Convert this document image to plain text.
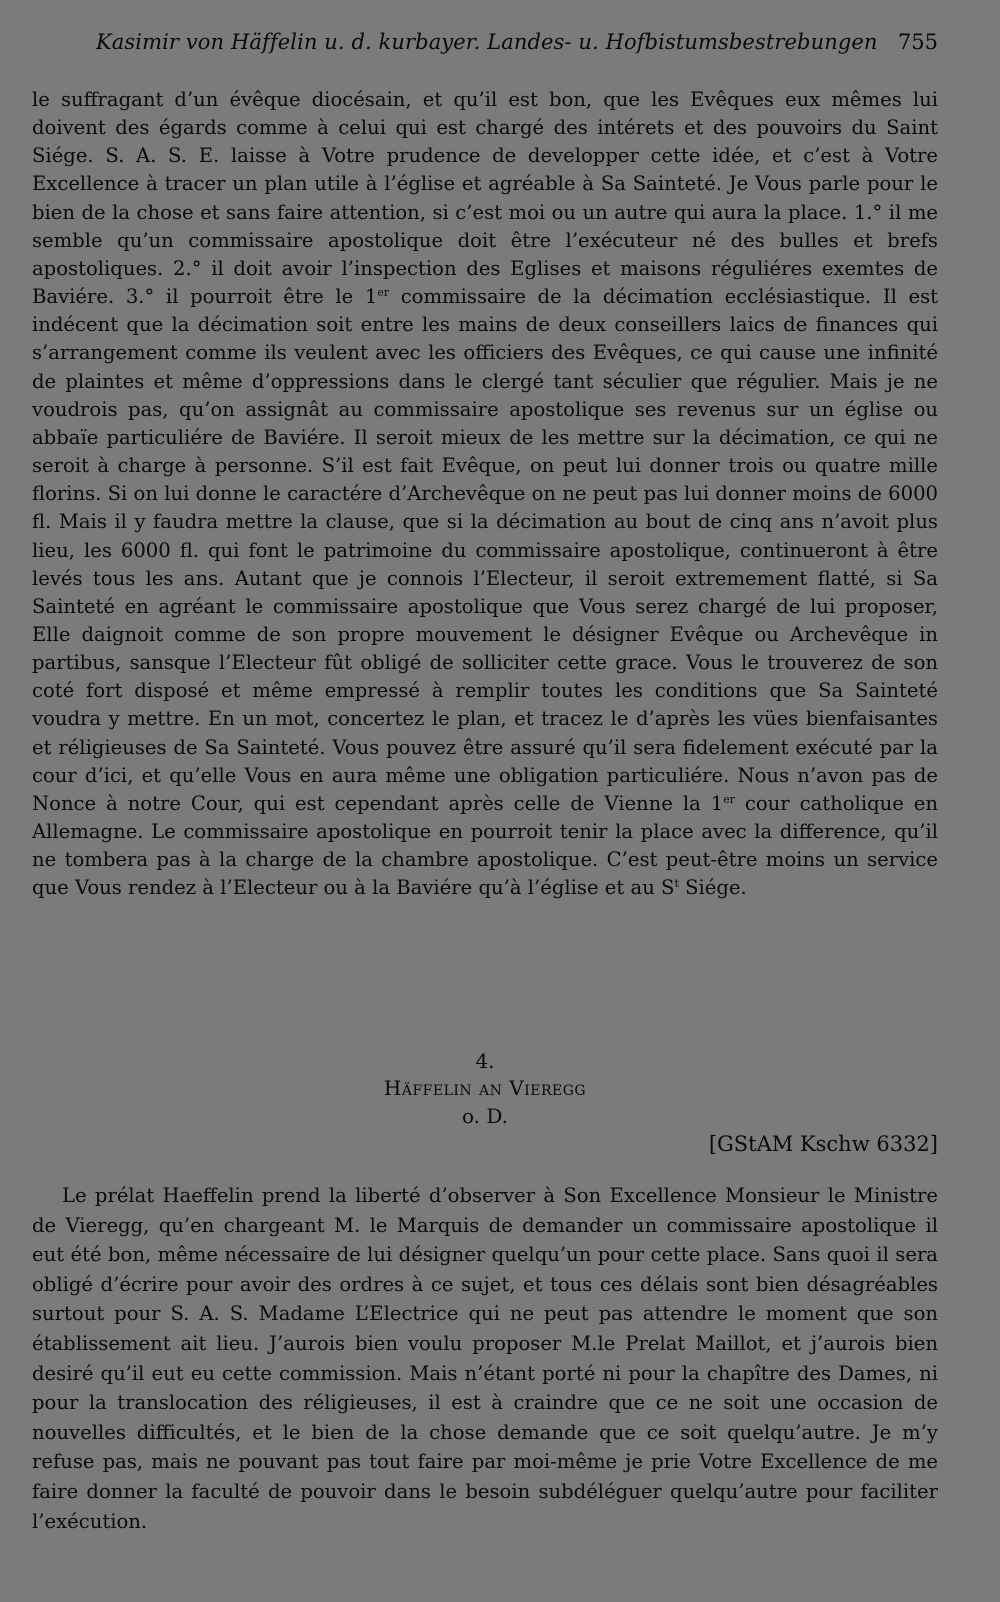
Kasimir von Häffelin u. d. kurbayer. Landes- u. Hofbistumsbestrebungen 755

le suffragant d’un évêque diocésain, et qu’il est bon, que les Evêques eux mêmes lui doivent des égards comme à celui qui est chargé des intérets et des pouvoirs du Saint Siége. S. A. S. E. laisse à Votre prudence de developper cette idée, et c’est à Votre Excellence à tracer un plan utile à l’église et agréable à Sa Sainteté. Je Vous parle pour le bien de la chose et sans faire attention, si c’est moi ou un autre qui aura la place. 1.° il me semble qu’un commissaire apostolique doit être l’exécuteur né des bulles et brefs apostoliques. 2.° il doit avoir l’inspection des Eglises et maisons réguliéres exemtes de Baviére. 3.° il pourroit être le 1er commissaire de la décimation ecclésiastique. Il est indécent que la décimation soit entre les mains de deux conseillers laics de finances qui s’arrangement comme ils veulent avec les officiers des Evêques, ce qui cause une infinité de plaintes et même d’oppressions dans le clergé tant séculier que régulier. Mais je ne voudrois pas, qu’on assignât au commissaire apostolique ses revenus sur un église ou abbaïe particuliére de Baviére. Il seroit mieux de les mettre sur la décimation, ce qui ne seroit à charge à personne. S’il est fait Evêque, on peut lui donner trois ou quatre mille florins. Si on lui donne le caractére d’Archevêque on ne peut pas lui donner moins de 6000 fl. Mais il y faudra mettre la clause, que si la décimation au bout de cinq ans n’avoit plus lieu, les 6000 fl. qui font le patrimoine du commissaire apostolique, continueront à être levés tous les ans. Autant que je connois l’Electeur, il seroit extremement flatté, si Sa Sainteté en agréant le commissaire apostolique que Vous serez chargé de lui proposer, Elle daignoit comme de son propre mouvement le désigner Evêque ou Archevêque in partibus, sansque l’Electeur fût obligé de solliciter cette grace. Vous le trouverez de son coté fort disposé et même empressé à remplir toutes les conditions que Sa Sainteté voudra y mettre. En un mot, concertez le plan, et tracez le d’après les vües bienfaisantes et réligieuses de Sa Sainteté. Vous pouvez être assuré qu’il sera fidelement exécuté par la cour d’ici, et qu’elle Vous en aura même une obligation particuliére. Nous n’avon pas de Nonce à notre Cour, qui est cependant après celle de Vienne la 1er cour catholique en Allemagne. Le commissaire apostolique en pourroit tenir la place avec la difference, qu’il ne tombera pas à la charge de la chambre apostolique. C’est peut-être moins un service que Vous rendez à l’Electeur ou à la Baviére qu’à l’église et au $S^t$ Siége.

4.
Häffelin an Vieregg
o. D.
[GStAM Kschw 6332]

Le prélat Haeffelin prend la liberté d’observer à Son Excellence Monsieur le Ministre de Vieregg, qu’en chargeant M. le Marquis de demander un commissaire apostolique il eut été bon, même nécessaire de lui désigner quelqu’un pour cette place. Sans quoi il sera obligé d’écrire pour avoir des ordres à ce sujet, et tous ces délais sont bien désagréables surtout pour S. A. S. Madame L’Electrice qui ne peut pas attendre le moment que son établissement ait lieu. J’aurois bien voulu proposer M.le Prelat Maillot, et j’aurois bien desiré qu’il eut eu cette commission. Mais n’étant porté ni pour la chapître des Dames, ni pour la translocation des réligieuses, il est à craindre que ce ne soit une occasion de nouvelles difficultés, et le bien de la chose demande que ce soit quelqu’autre. Je m’y refuse pas, mais ne pouvant pas tout faire par moi-même je prie Votre Excellence de me faire donner la faculté de pouvoir dans le besoin subdéléguer quelqu’autre pour faciliter l’exécution.
